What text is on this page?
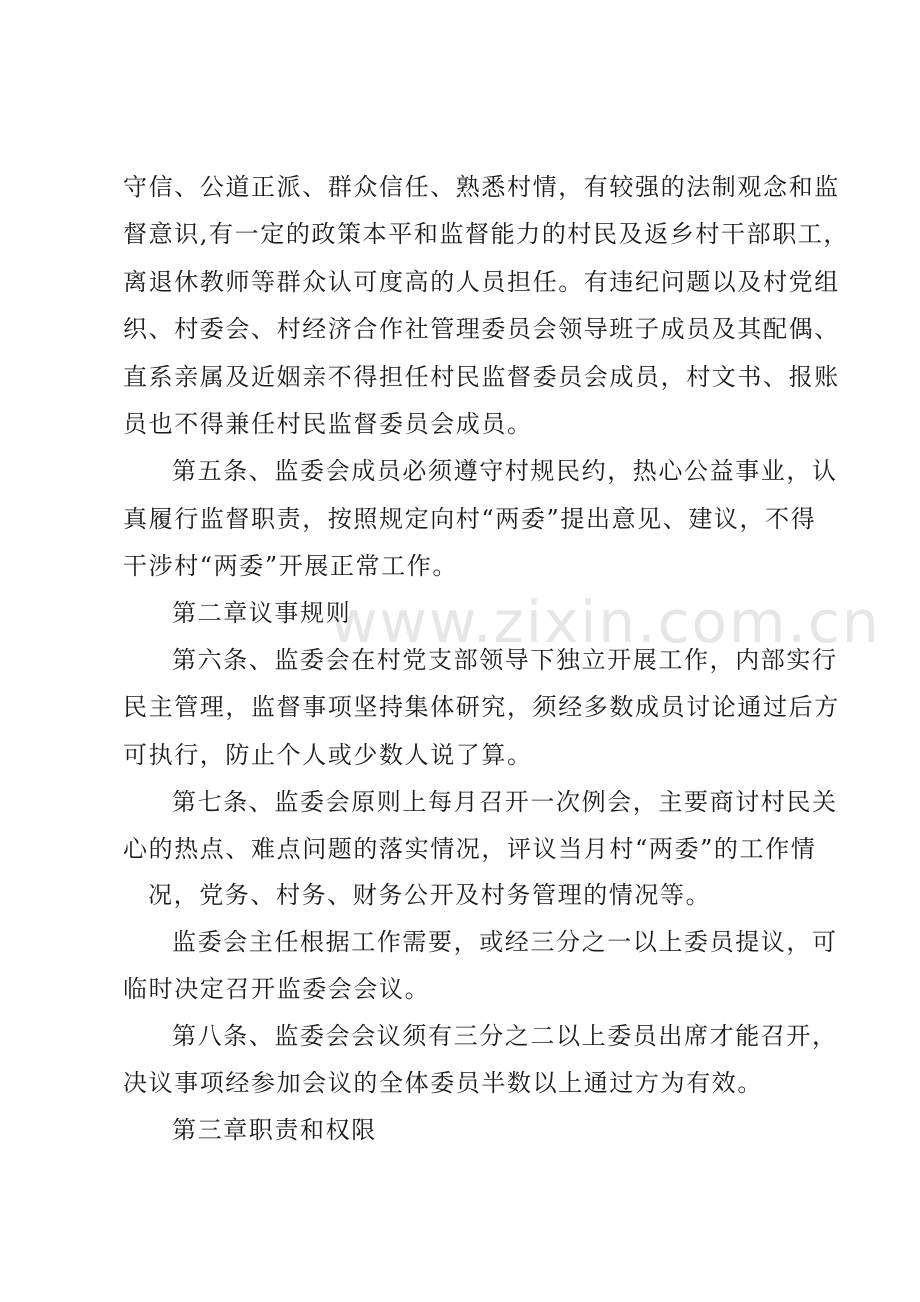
www.zixin.com.cn
守信、公道正派、群众信任、熟悉村情，有较强的法制观念和监
督意识,有一定的政策本平和监督能力的村民及返乡村干部职工，
离退休教师等群众认可度高的人员担任。有违纪问题以及村党组
织、村委会、村经济合作社管理委员会领导班子成员及其配偶、
直系亲属及近姻亲不得担任村民监督委员会成员，村文书、报账
员也不得兼任村民监督委员会成员。
第五条、监委会成员必须遵守村规民约，热心公益事业，认
真履行监督职责，按照规定向村“两委”提出意见、建议，不得
干涉村“两委”开展正常工作。
第二章议事规则
第六条、监委会在村党支部领导下独立开展工作，内部实行
民主管理，监督事项坚持集体研究，须经多数成员讨论通过后方
可执行，防止个人或少数人说了算。
第七条、监委会原则上每月召开一次例会，主要商讨村民关
心的热点、难点问题的落实情况，评议当月村“两委”的工作情
况，党务、村务、财务公开及村务管理的情况等。
监委会主任根据工作需要，或经三分之一以上委员提议，可
临时决定召开监委会会议。
第八条、监委会会议须有三分之二以上委员出席才能召开，
决议事项经参加会议的全体委员半数以上通过方为有效。
第三章职责和权限
